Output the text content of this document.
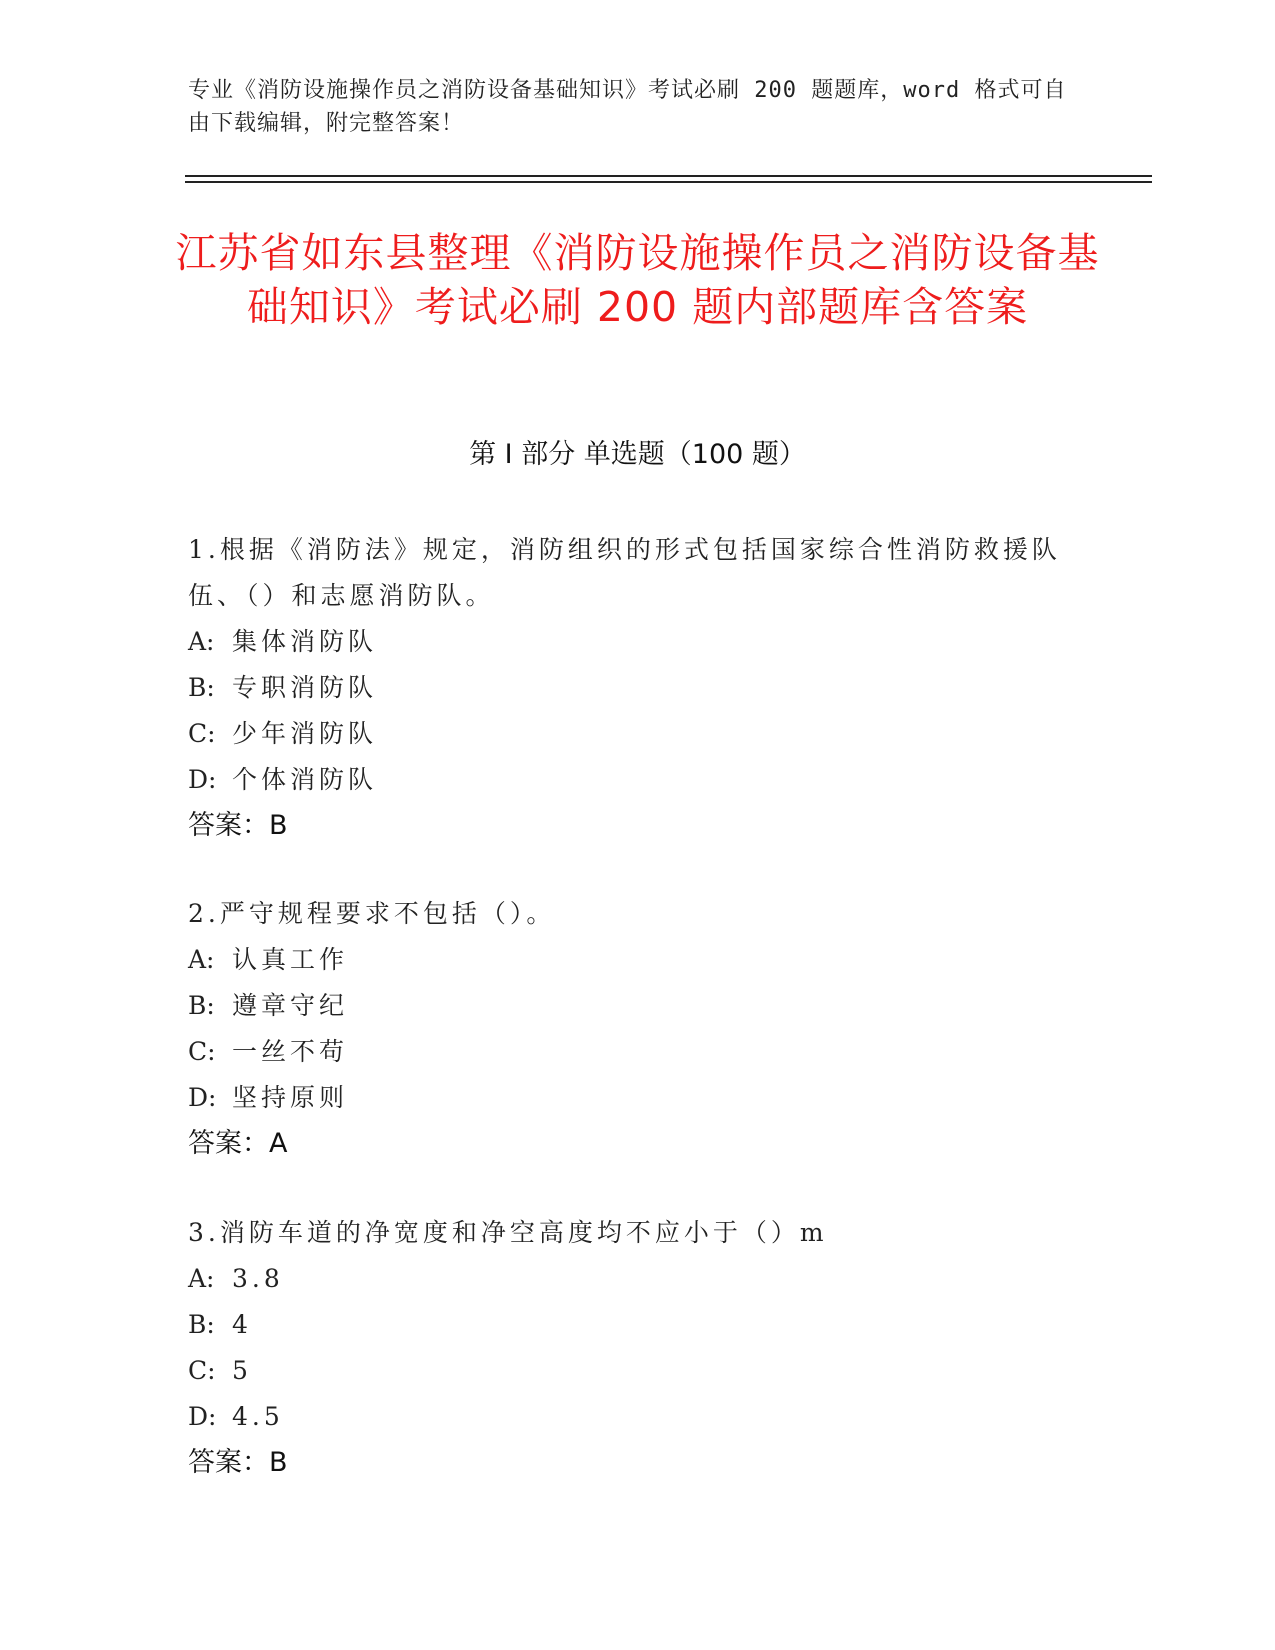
专业《消防设施操作员之消防设备基础知识》考试必刷 200 题题库，word 格式可自由下载编辑，附完整答案！
江苏省如东县整理《消防设施操作员之消防设备基础知识》考试必刷 200 题内部题库含答案
第 I 部分 单选题（100 题）

1.根据《消防法》规定，消防组织的形式包括国家综合性消防救援队伍、（）和志愿消防队。

A: 集体消防队

B: 专职消防队

C: 少年消防队

D: 个体消防队

答案：B

2.严守规程要求不包括（）。

A: 认真工作

B: 遵章守纪

C: 一丝不苟

D: 坚持原则

答案：A

3.消防车道的净宽度和净空高度均不应小于（）m

A: 3.8

B: 4

C: 5

D: 4.5

答案：B
